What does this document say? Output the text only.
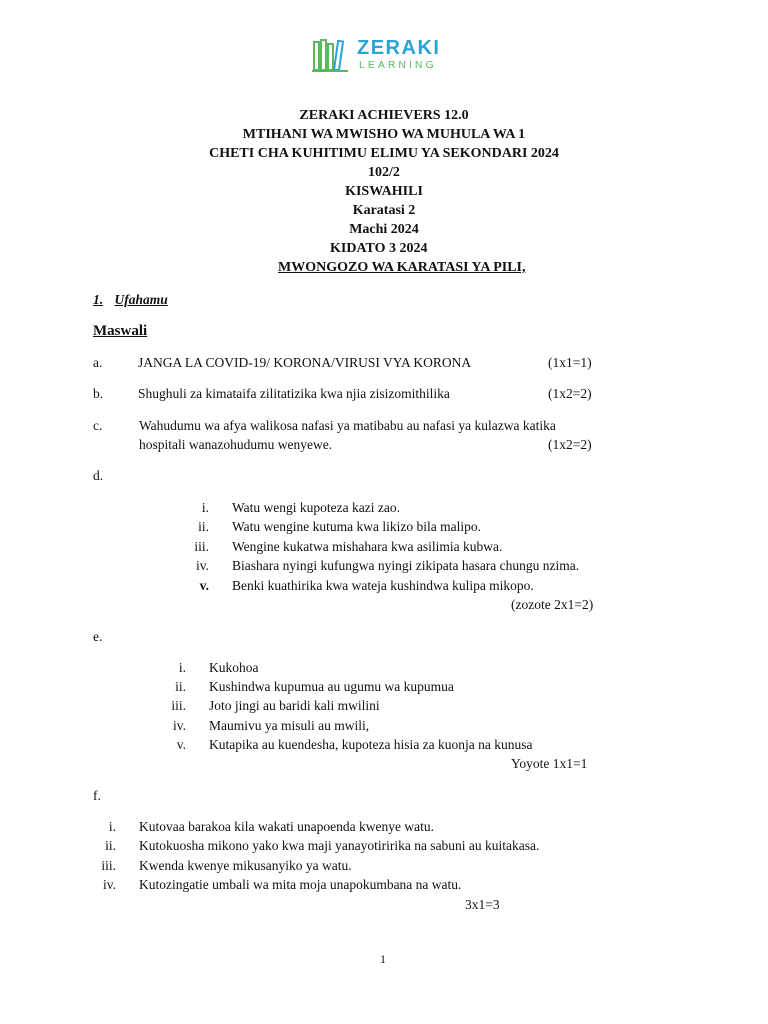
ZERAKI
LEARNING
ZERAKI ACHIEVERS 12.0
MTIHANI WA MWISHO WA MUHULA WA 1
CHETI CHA KUHITIMU ELIMU YA SEKONDARI 2024
102/2
KISWAHILI
Karatasi 2
Machi 2024
KIDATO 3 2024
MWONGOZO WA KARATASI YA PILI,
1. Ufahamu
Maswali
a.	JANGA LA COVID-19/ KORONA/VIRUSI VYA KORONA	(1x1=1)
b.	Shughuli za kimataifa zilitatizika kwa njia zisizomithilika	(1x2=2)
c.	Wahudumu wa afya walikosa nafasi ya matibabu au nafasi ya kulazwa katika
hospitali wanazohudumu wenyewe.	(1x2=2)
d.
i. Watu wengi kupoteza kazi zao.
ii. Watu wengine kutuma kwa likizo bila malipo.
iii. Wengine kukatwa mishahara kwa asilimia kubwa.
iv. Biashara nyingi kufungwa nyingi zikipata hasara chungu nzima.
v. Benki kuathirika kwa wateja kushindwa kulipa mikopo.
(zozote 2x1=2)
e.
i. Kukohoa
ii. Kushindwa kupumua au ugumu wa kupumua
iii. Joto jingi au baridi kali mwilini
iv. Maumivu ya misuli au mwili,
v. Kutapika au kuendesha, kupoteza hisia za kuonja na kunusa
Yoyote 1x1=1
f.
i. Kutovaa barakoa kila wakati unapoenda kwenye watu.
ii. Kutokuosha mikono yako kwa maji yanayotiririka na sabuni au kuitakasa.
iii. Kwenda kwenye mikusanyiko ya watu.
iv. Kutozingatie umbali wa mita moja unapokumbana na watu.
3x1=3
1
